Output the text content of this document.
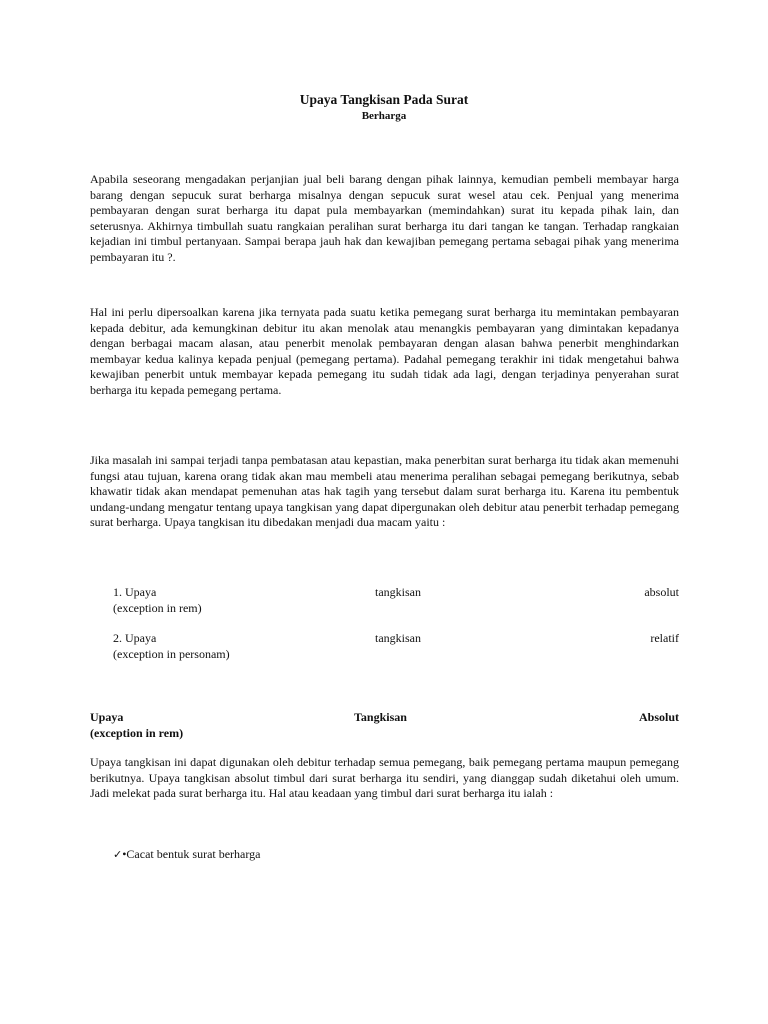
Upaya Tangkisan Pada Surat
Berharga

Apabila seseorang mengadakan perjanjian jual beli barang dengan pihak lainnya, kemudian pembeli membayar harga barang dengan sepucuk surat berharga misalnya dengan sepucuk surat wesel atau cek. Penjual yang menerima pembayaran dengan surat berharga itu dapat pula membayarkan (memindahkan) surat itu kepada pihak lain, dan seterusnya. Akhirnya timbullah suatu rangkaian peralihan surat berharga itu dari tangan ke tangan. Terhadap rangkaian kejadian ini timbul pertanyaan. Sampai berapa jauh hak dan kewajiban pemegang pertama sebagai pihak yang menerima pembayaran itu ?.

Hal ini perlu dipersoalkan karena jika ternyata pada suatu ketika pemegang surat berharga itu memintakan pembayaran kepada debitur, ada kemungkinan debitur itu akan menolak atau menangkis pembayaran yang dimintakan kepadanya dengan berbagai macam alasan, atau penerbit menolak pembayaran dengan alasan bahwa penerbit menghindarkan membayar kedua kalinya kepada penjual (pemegang pertama). Padahal pemegang terakhir ini tidak mengetahui bahwa kewajiban penerbit untuk membayar kepada pemegang itu sudah tidak ada lagi, dengan terjadinya penyerahan surat berharga itu kepada pemegang pertama.

Jika masalah ini sampai terjadi tanpa pembatasan atau kepastian, maka penerbitan surat berharga itu tidak akan memenuhi fungsi atau tujuan, karena orang tidak akan mau membeli atau menerima peralihan sebagai pemegang berikutnya, sebab khawatir tidak akan mendapat pemenuhan atas hak tagih yang tersebut dalam surat berharga itu. Karena itu pembentuk undang-undang mengatur tentang upaya tangkisan yang dapat dipergunakan oleh debitur atau penerbit terhadap pemegang surat berharga. Upaya tangkisan itu dibedakan menjadi dua macam yaitu :

1. Upaya	tangkisan	absolut
(exception in rem)
2. Upaya	tangkisan	relatif
(exception in personam)
Upaya	Tangkisan	Absolut
(exception in rem)

Upaya tangkisan ini dapat digunakan oleh debitur terhadap semua pemegang, baik pemegang pertama maupun pemegang berikutnya. Upaya tangkisan absolut timbul dari surat berharga itu sendiri, yang dianggap sudah diketahui oleh umum. Jadi melekat pada surat berharga itu. Hal atau keadaan yang timbul dari surat berharga itu ialah :

✓•Cacat bentuk surat berharga
